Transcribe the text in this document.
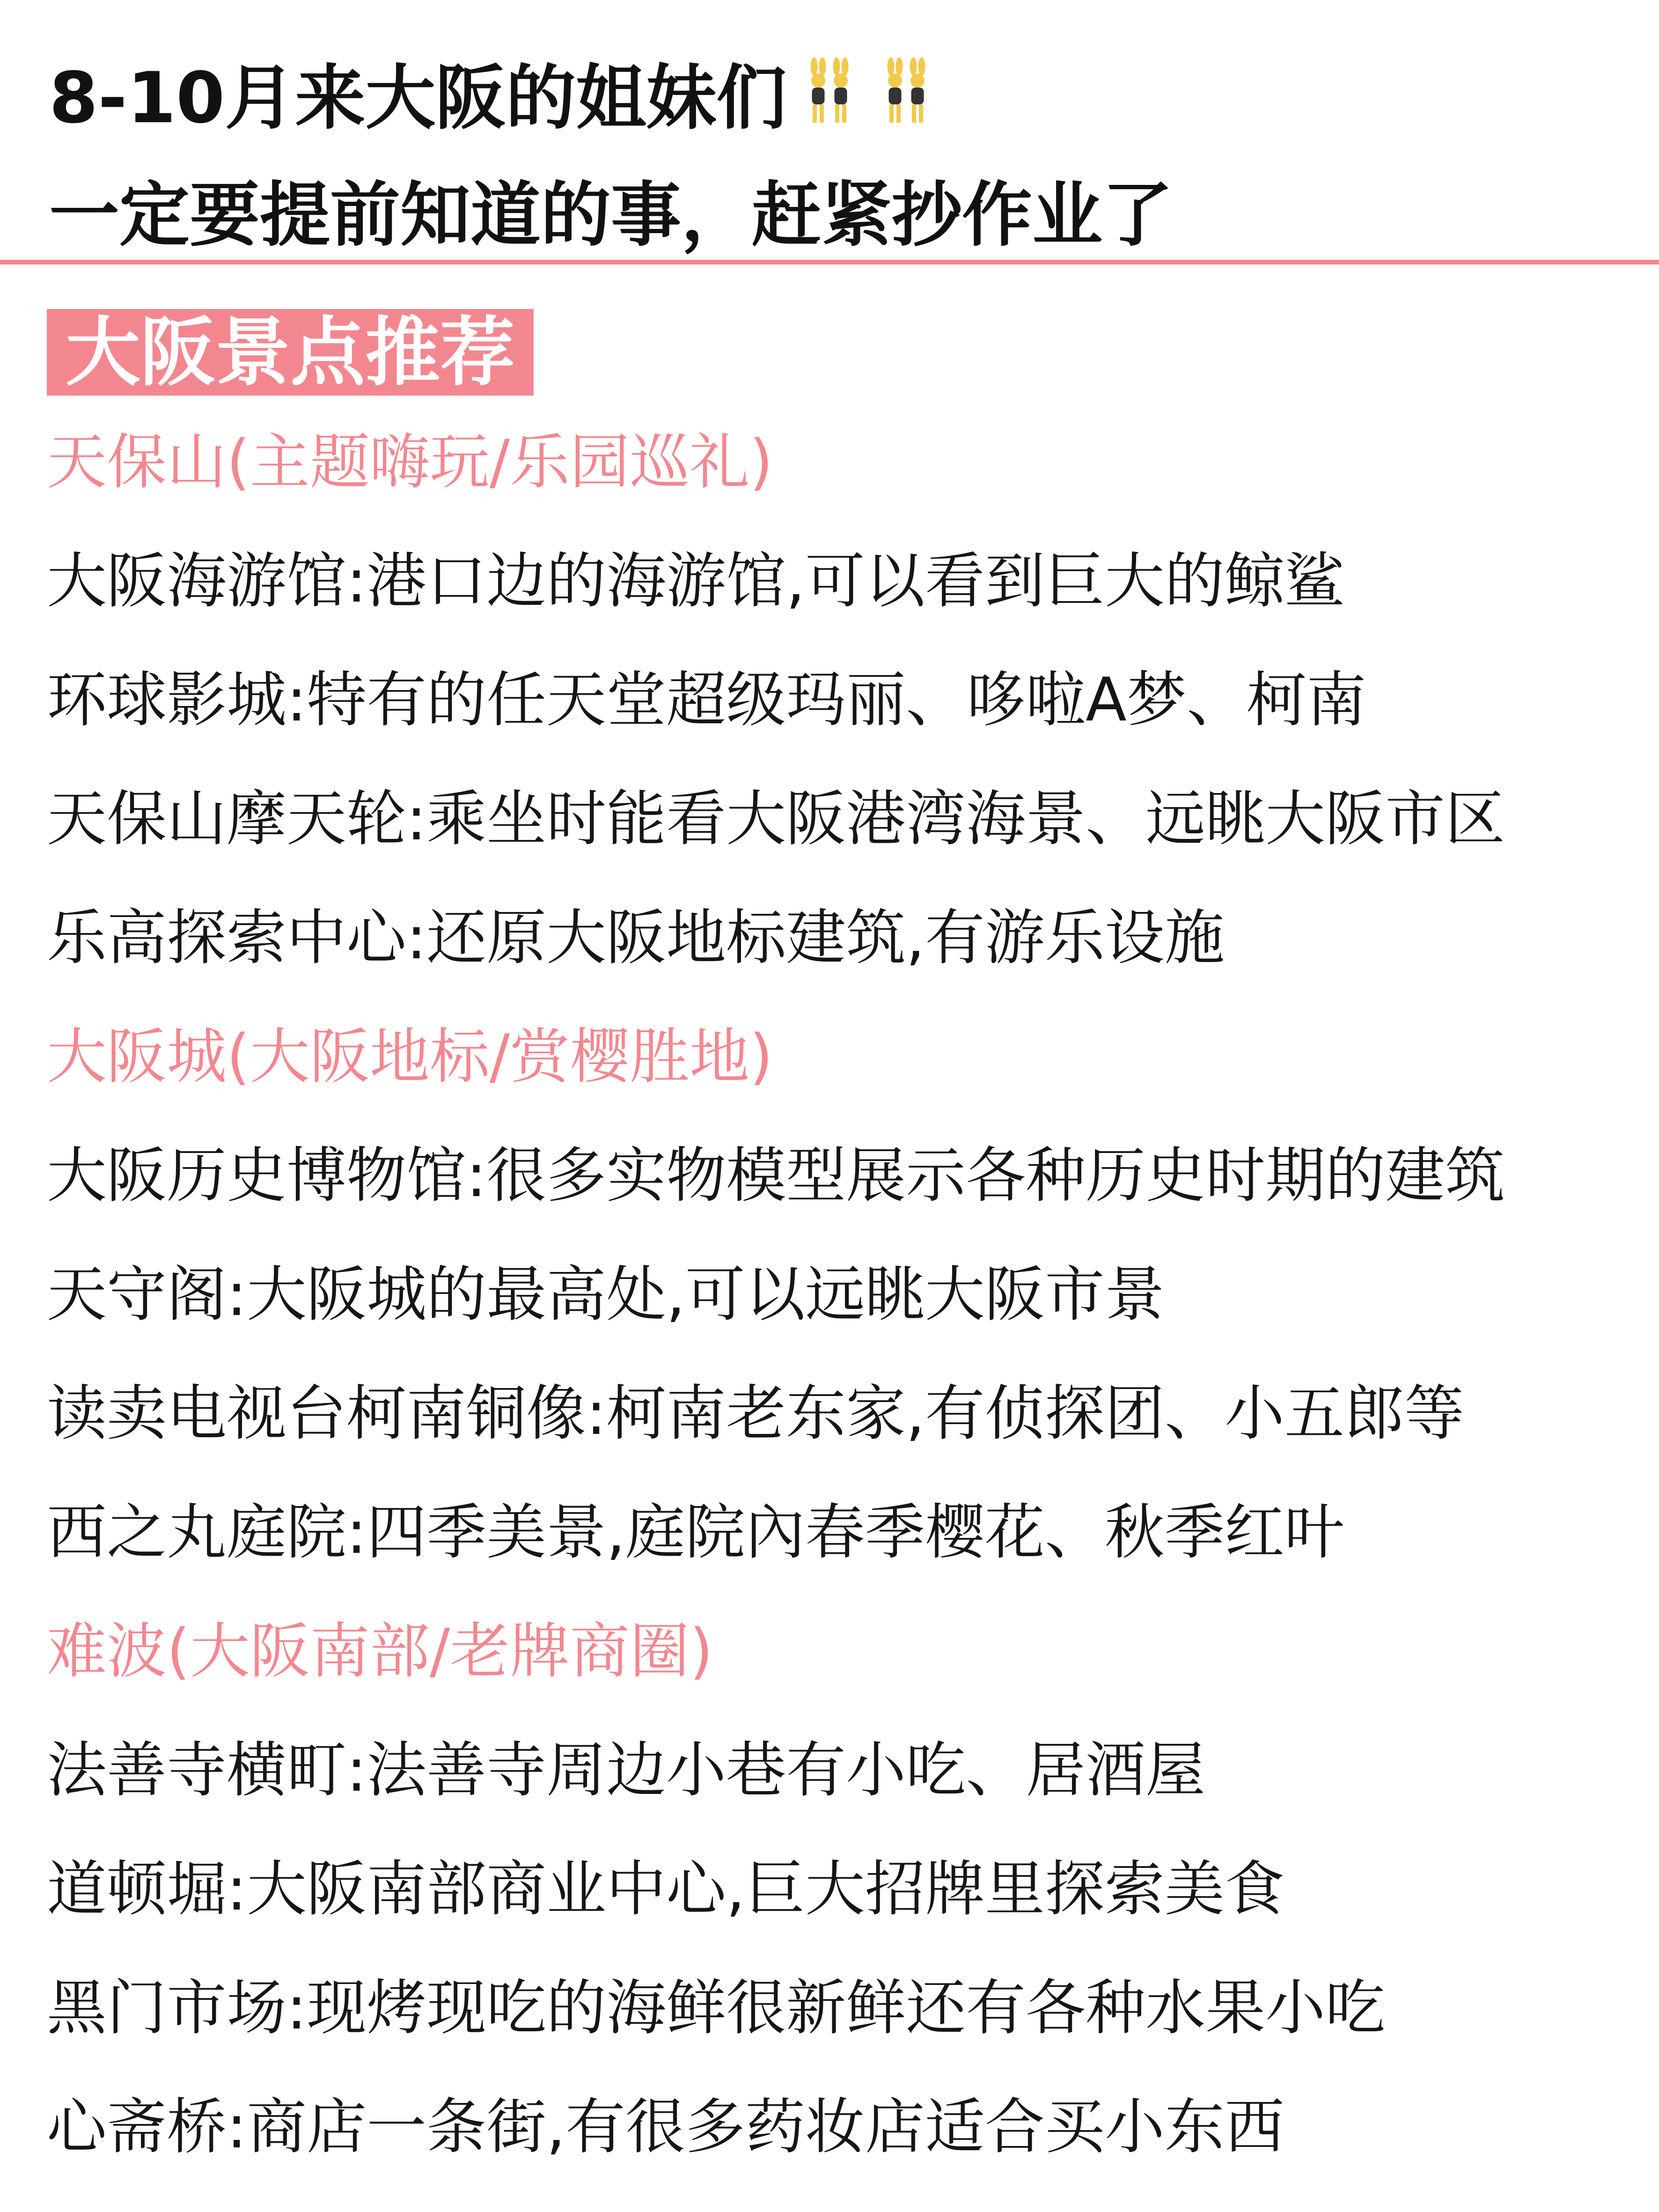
8-10月来大阪的姐妹们
一定要提前知道的事，赶紧抄作业了
大阪景点推荐
天保山(主题嗨玩/乐园巡礼)
大阪海游馆 : 港口边的海游馆,可以看到巨大的鲸鲨
环球影城 : 特有的任天堂超级玛丽、哆啦A梦、柯南
天保山摩天轮 : 乘坐时能看大阪港湾海景、远眺大阪市区
乐高探索中心 : 还原大阪地标建筑,有游乐设施
大阪城(大阪地标/赏樱胜地)
大阪历史博物馆 : 很多实物模型展示各种历史时期的建筑
天守阁 : 大阪城的最高处,可以远眺大阪市景
读卖电视台柯南铜像 : 柯南老东家,有侦探团、小五郎等
西之丸庭院 : 四季美景,庭院內春季樱花、秋季红叶
难波(大阪南部/老牌商圈)
法善寺横町 : 法善寺周边小巷有小吃、居酒屋
道顿堀 : 大阪南部商业中心,巨大招牌里探索美食
黑门市场 : 现烤现吃的海鲜很新鲜还有各种水果小吃
心斋桥 : 商店一条街,有很多药妆店适合买小东西
